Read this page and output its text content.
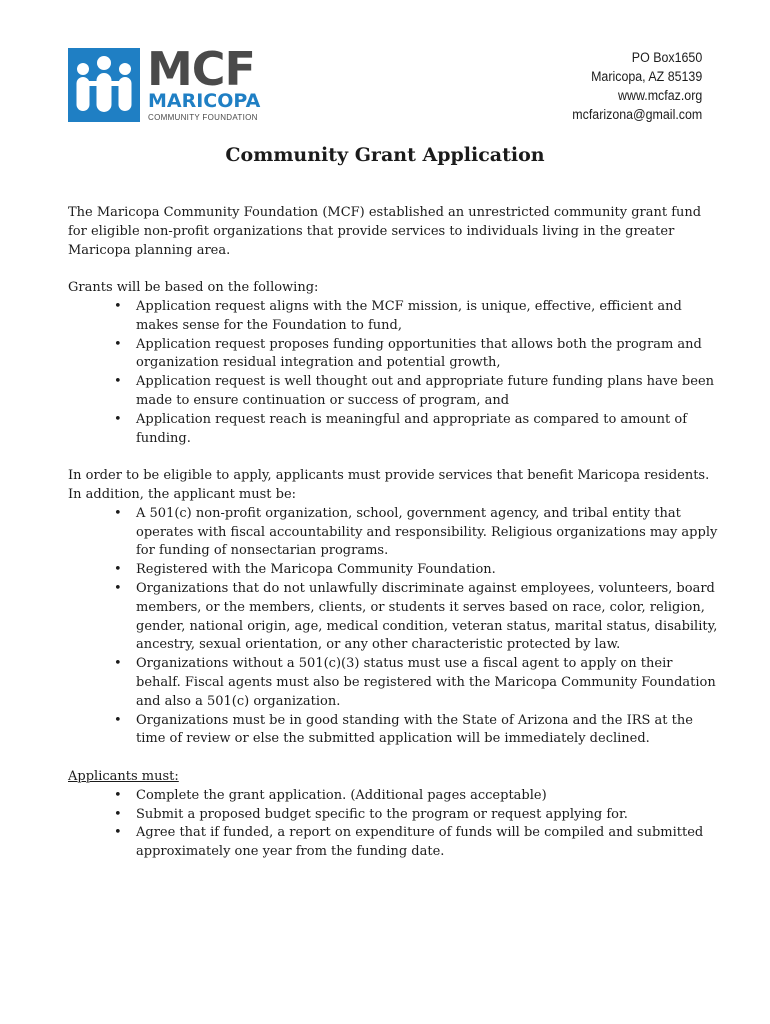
MCF
MARICOPA
COMMUNITY FOUNDATION
PO Box1650
Maricopa, AZ 85139
www.mcfaz.org
mcfarizona@gmail.com
Community Grant Application

The Maricopa Community Foundation (MCF) established an unrestricted community grant fund for eligible non-profit organizations that provide services to individuals living in the greater Maricopa planning area.

Grants will be based on the following:

• Application request aligns with the MCF mission, is unique, effective, efficient and makes sense for the Foundation to fund,
• Application request proposes funding opportunities that allows both the program and organization residual integration and potential growth,
• Application request is well thought out and appropriate future funding plans have been made to ensure continuation or success of program, and
• Application request reach is meaningful and appropriate as compared to amount of funding.

In order to be eligible to apply, applicants must provide services that benefit Maricopa residents. In addition, the applicant must be:

• A 501(c) non-profit organization, school, government agency, and tribal entity that operates with fiscal accountability and responsibility. Religious organizations may apply for funding of nonsectarian programs.
• Registered with the Maricopa Community Foundation.
• Organizations that do not unlawfully discriminate against employees, volunteers, board members, or the members, clients, or students it serves based on race, color, religion, gender, national origin, age, medical condition, veteran status, marital status, disability, ancestry, sexual orientation, or any other characteristic protected by law.
• Organizations without a 501(c)(3) status must use a fiscal agent to apply on their behalf. Fiscal agents must also be registered with the Maricopa Community Foundation and also a 501(c) organization.
• Organizations must be in good standing with the State of Arizona and the IRS at the time of review or else the submitted application will be immediately declined.

Applicants must:

• Complete the grant application. (Additional pages acceptable)
• Submit a proposed budget specific to the program or request applying for.
• Agree that if funded, a report on expenditure of funds will be compiled and submitted approximately one year from the funding date.
